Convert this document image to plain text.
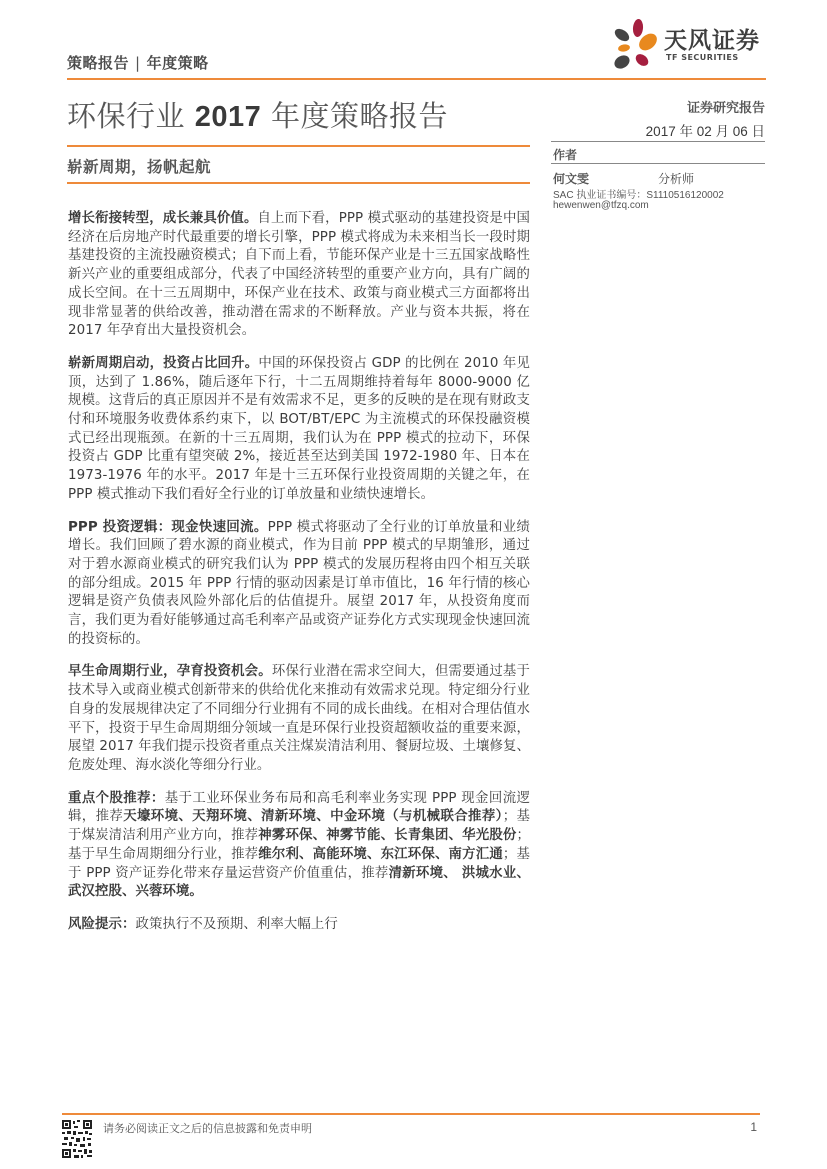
策略报告 | 年度策略
天风证券
TF SECURITIES
环保行业 2017 年度策略报告
崭新周期，扬帆起航
证券研究报告
2017 年 02 月 06 日
作者
何文雯	分析师
SAC 执业证书编号：S1110516120002
hewenwen@tfzq.com

增长衔接转型，成长兼具价值。自上而下看，PPP 模式驱动的基建投资是中国经济在后房地产时代最重要的增长引擎，PPP 模式将成为未来相当长一段时期基建投资的主流投融资模式；自下而上看，节能环保产业是十三五国家战略性新兴产业的重要组成部分，代表了中国经济转型的重要产业方向，具有广阔的成长空间。在十三五周期中，环保产业在技术、政策与商业模式三方面都将出现非常显著的供给改善，推动潜在需求的不断释放。产业与资本共振，将在 2017 年孕育出大量投资机会。

崭新周期启动，投资占比回升。中国的环保投资占 GDP 的比例在 2010 年见顶，达到了 1.86%，随后逐年下行，十二五周期维持着每年 8000-9000 亿规模。这背后的真正原因并不是有效需求不足，更多的反映的是在现有财政支付和环境服务收费体系约束下，以 BOT/BT/EPC 为主流模式的环保投融资模式已经出现瓶颈。在新的十三五周期，我们认为在 PPP 模式的拉动下，环保投资占 GDP 比重有望突破 2%，接近甚至达到美国 1972-1980 年、日本在 1973-1976 年的水平。2017 年是十三五环保行业投资周期的关键之年，在 PPP 模式推动下我们看好全行业的订单放量和业绩快速增长。

PPP 投资逻辑：现金快速回流。PPP 模式将驱动了全行业的订单放量和业绩增长。我们回顾了碧水源的商业模式，作为目前 PPP 模式的早期雏形，通过对于碧水源商业模式的研究我们认为 PPP 模式的发展历程将由四个相互关联的部分组成。2015 年 PPP 行情的驱动因素是订单市值比，16 年行情的核心逻辑是资产负债表风险外部化后的估值提升。展望 2017 年，从投资角度而言，我们更为看好能够通过高毛利率产品或资产证券化方式实现现金快速回流的投资标的。

早生命周期行业，孕育投资机会。环保行业潜在需求空间大，但需要通过基于技术导入或商业模式创新带来的供给优化来推动有效需求兑现。特定细分行业自身的发展规律决定了不同细分行业拥有不同的成长曲线。在相对合理估值水平下，投资于早生命周期细分领域一直是环保行业投资超额收益的重要来源，展望 2017 年我们提示投资者重点关注煤炭清洁利用、餐厨垃圾、土壤修复、危废处理、海水淡化等细分行业。

重点个股推荐：基于工业环保业务布局和高毛利率业务实现 PPP 现金回流逻辑，推荐天壕环境、天翔环境、清新环境、中金环境（与机械联合推荐）；基于煤炭清洁利用产业方向，推荐神雾环保、神雾节能、长青集团、华光股份；基于早生命周期细分行业，推荐维尔利、高能环境、东江环保、南方汇通；基于 PPP 资产证券化带来存量运营资产价值重估，推荐清新环境、 洪城水业、武汉控股、兴蓉环境。

风险提示：政策执行不及预期、利率大幅上行

请务必阅读正文之后的信息披露和免责申明	1
